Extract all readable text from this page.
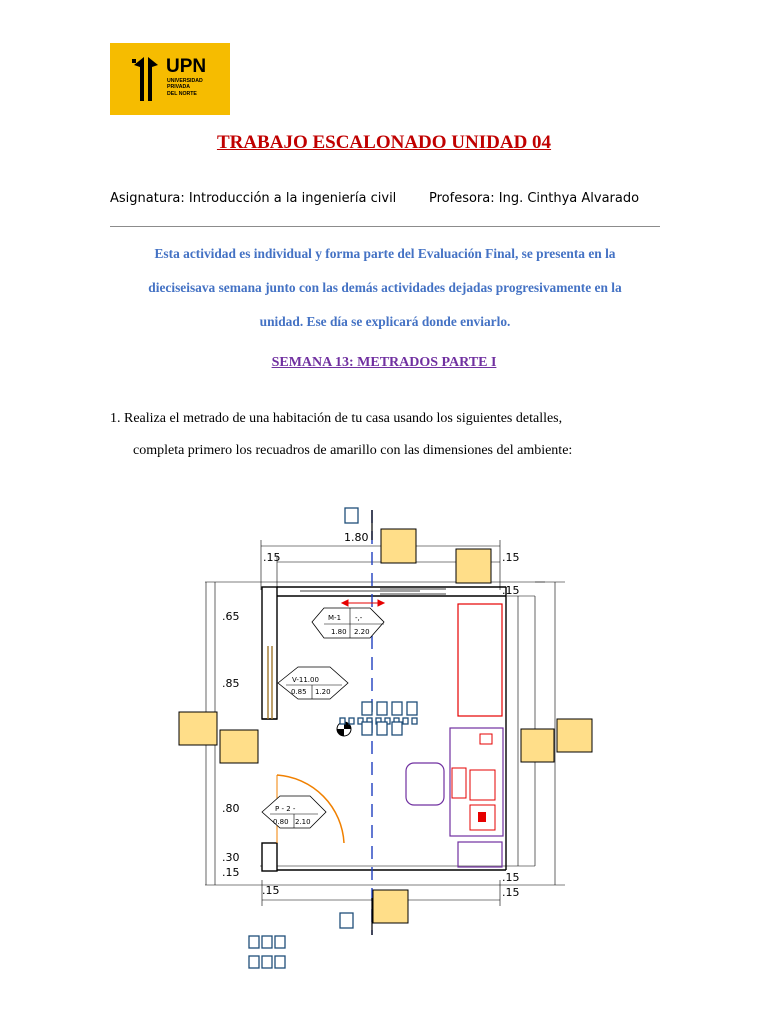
UPN
UNIVERSIDAD
PRIVADA
DEL NORTE
TRABAJO ESCALONADO UNIDAD 04
Asignatura: Introducción a la ingeniería civil	Profesora: Ing. Cinthya Alvarado
Esta actividad es individual y forma parte del Evaluación Final, se presenta en la
dieciseisava semana junto con las demás actividades dejadas progresivamente en la
unidad. Ese día se explicará donde enviarlo.
SEMANA 13: METRADOS PARTE I
1. Realiza el metrado de una habitación de tu casa usando los siguientes detalles,
completa primero los recuadros de amarillo con las dimensiones del ambiente:
M-1 -,-
1.80 2.20
V-11.00
0.85 1.20
P - 2 -
0.80 2.10
1.80
.15	.15
.15
.65
.85
.80
.30
.15
.15
.15
.15
